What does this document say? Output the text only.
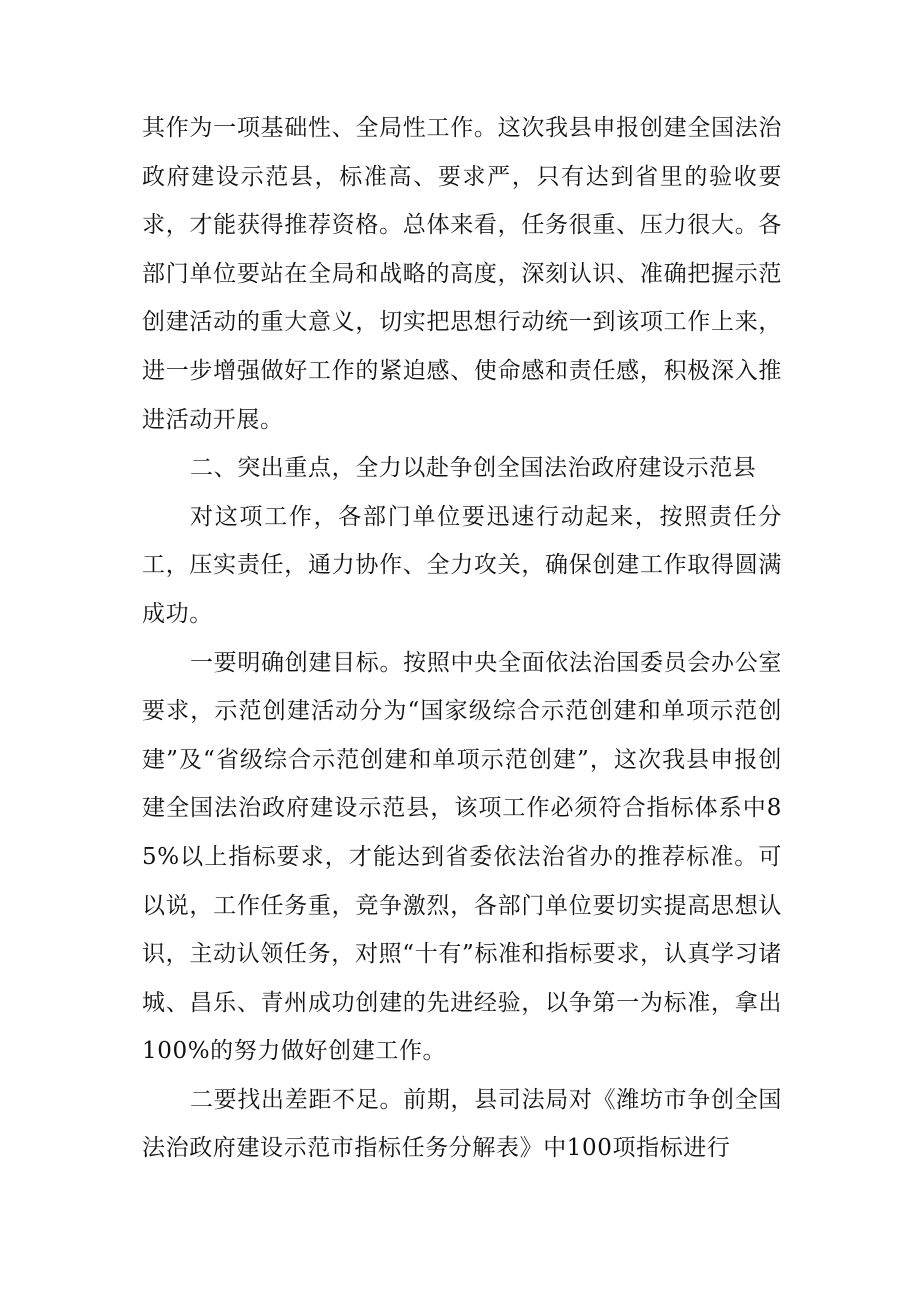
其作为一项基础性、全局性工作。这次我县申报创建全国法治政府建设示范县，标准高、要求严，只有达到省里的验收要求，才能获得推荐资格。总体来看，任务很重、压力很大。各部门单位要站在全局和战略的高度，深刻认识、准确把握示范创建活动的重大意义，切实把思想行动统一到该项工作上来，进一步增强做好工作的紧迫感、使命感和责任感，积极深入推进活动开展。

二、突出重点，全力以赴争创全国法治政府建设示范县

对这项工作，各部门单位要迅速行动起来，按照责任分工，压实责任，通力协作、全力攻关，确保创建工作取得圆满成功。

一要明确创建目标。按照中央全面依法治国委员会办公室要求，示范创建活动分为“国家级综合示范创建和单项示范创建”及“省级综合示范创建和单项示范创建”，这次我县申报创建全国法治政府建设示范县，该项工作必须符合指标体系中85%以上指标要求，才能达到省委依法治省办的推荐标准。可以说，工作任务重，竞争激烈，各部门单位要切实提高思想认识，主动认领任务，对照“十有”标准和指标要求，认真学习诸城、昌乐、青州成功创建的先进经验，以争第一为标准，拿出100%的努力做好创建工作。

二要找出差距不足。前期，县司法局对《潍坊市争创全国法治政府建设示范市指标任务分解表》中100项指标进行
